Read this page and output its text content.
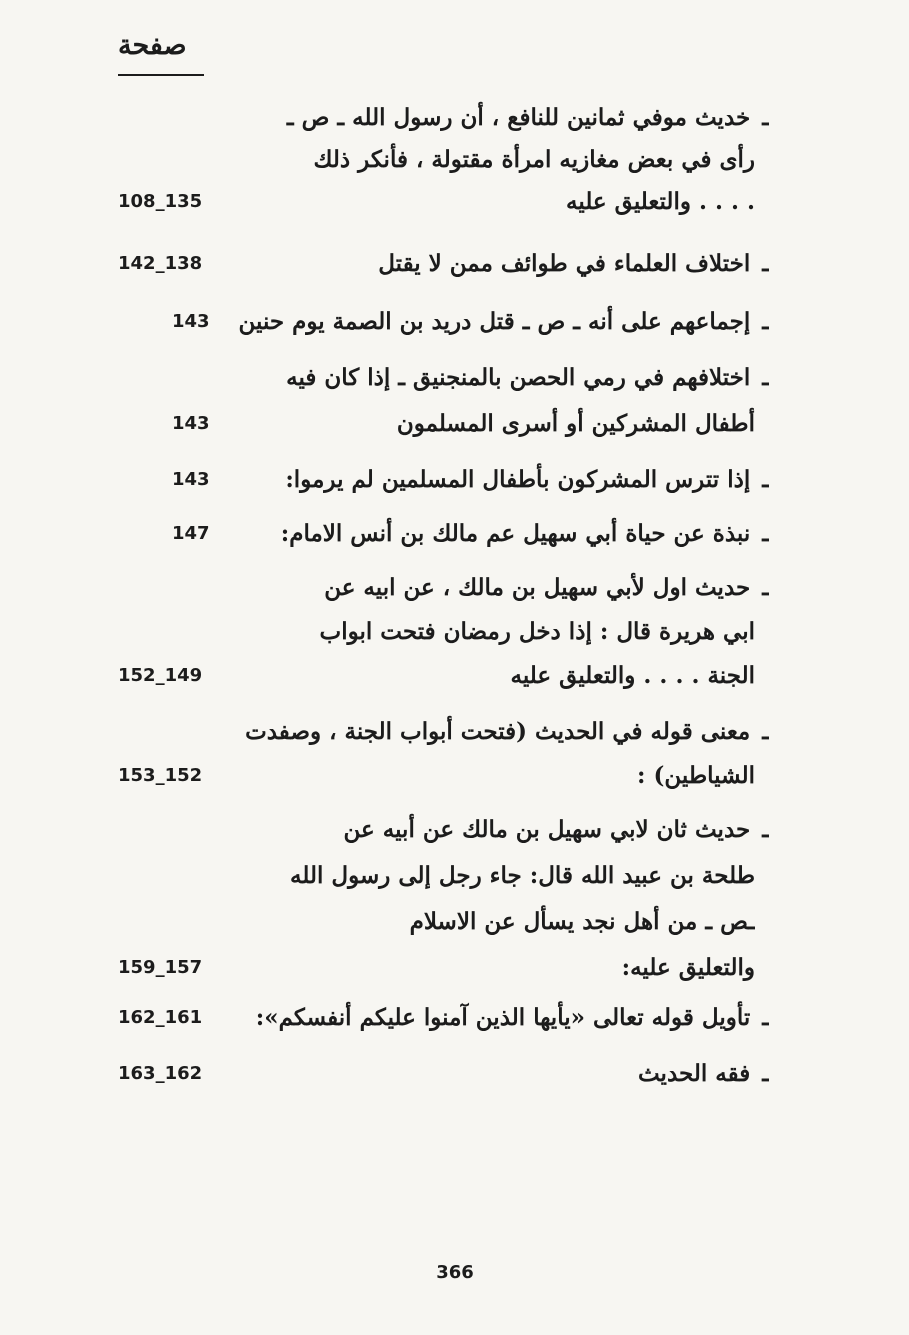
صفحة
ـخديث موفي ثمانين للنافع ، أن رسول الله ـ ص ـ
رأى في بعض مغازيه امرأة مقتولة ، فأنكر ذلك
. . . . والتعليق عليه
108_135
ـاختلاف العلماء في طوائف ممن لا يقتل
142_138
ـإجماعهم على أنه ـ ص ـ قتل دريد بن الصمة يوم حنين
143
ـاختلافهم في رمي الحصن بالمنجنيق ـ إذا كان فيه
أطفال المشركين أو أسرى المسلمون
143
ـإذا تترس المشركون بأطفال المسلمين لم يرموا:
143
ـنبذة عن حياة أبي سهيل عم مالك بن أنس الامام:
147
ـحديث اول لأبي سهيل بن مالك ، عن ابيه عن
ابي هريرة قال : إذا دخل رمضان فتحت ابواب
الجنة . . . . والتعليق عليه
152_149
ـمعنى قوله في الحديث (فتحت أبواب الجنة ، وصفدت
الشياطين) :
153_152
ـحديث ثان لابي سهيل بن مالك عن أبيه عن
طلحة بن عبيد الله قال: جاء رجل إلى رسول الله
ـص ـ من أهل نجد يسأل عن الاسلام
والتعليق عليه:
159_157
ـتأويل قوله تعالى «يأيها الذين آمنوا عليكم أنفسكم»:
162_161
ـفقه الحديث
163_162
366
